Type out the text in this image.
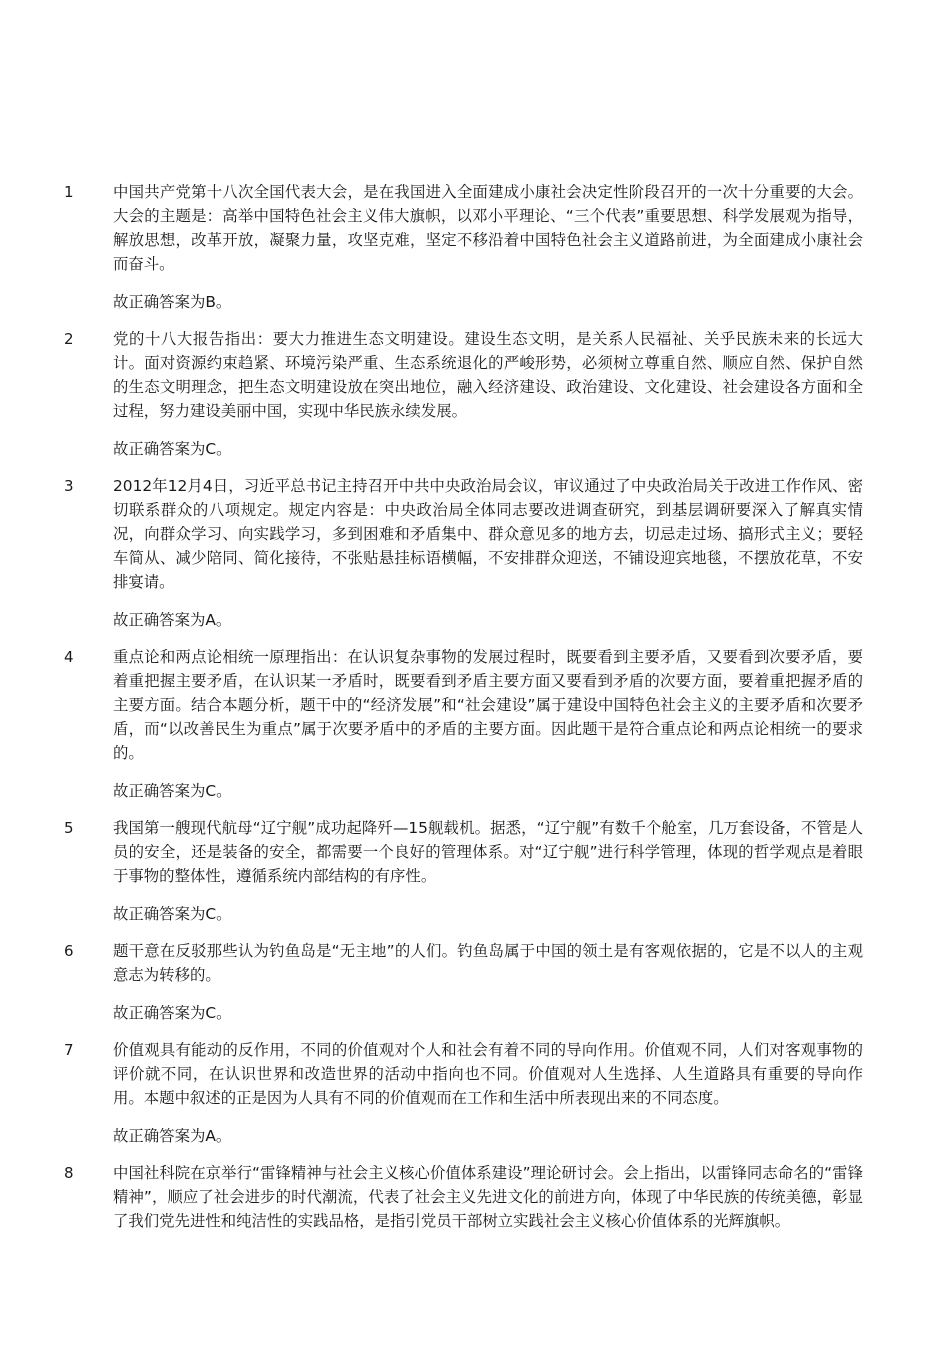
1	中国共产党第十八次全国代表大会，是在我国进入全面建成小康社会决定性阶段召开的一次十分重要的大会。大会的主题是：高举中国特色社会主义伟大旗帜，以邓小平理论、“三个代表”重要思想、科学发展观为指导，解放思想，改革开放，凝聚力量，攻坚克难，坚定不移沿着中国特色社会主义道路前进，为全面建成小康社会而奋斗。
故正确答案为B。
2	党的十八大报告指出：要大力推进生态文明建设。建设生态文明，是关系人民福祉、关乎民族未来的长远大计。面对资源约束趋紧、环境污染严重、生态系统退化的严峻形势，必须树立尊重自然、顺应自然、保护自然的生态文明理念，把生态文明建设放在突出地位，融入经济建设、政治建设、文化建设、社会建设各方面和全过程，努力建设美丽中国，实现中华民族永续发展。
故正确答案为C。
3	2012年12月4日，习近平总书记主持召开中共中央政治局会议，审议通过了中央政治局关于改进工作作风、密切联系群众的八项规定。规定内容是：中央政治局全体同志要改进调查研究，到基层调研要深入了解真实情况，向群众学习、向实践学习，多到困难和矛盾集中、群众意见多的地方去，切忌走过场、搞形式主义；要轻车简从、减少陪同、简化接待，不张贴悬挂标语横幅，不安排群众迎送，不铺设迎宾地毯，不摆放花草，不安排宴请。
故正确答案为A。
4	重点论和两点论相统一原理指出：在认识复杂事物的发展过程时，既要看到主要矛盾，又要看到次要矛盾，要着重把握主要矛盾，在认识某一矛盾时，既要看到矛盾主要方面又要看到矛盾的次要方面，要着重把握矛盾的主要方面。结合本题分析，题干中的“经济发展”和“社会建设”属于建设中国特色社会主义的主要矛盾和次要矛盾，而“以改善民生为重点”属于次要矛盾中的矛盾的主要方面。因此题干是符合重点论和两点论相统一的要求的。
故正确答案为C。
5	我国第一艘现代航母“辽宁舰”成功起降歼—15舰载机。据悉，“辽宁舰”有数千个舱室，几万套设备，不管是人员的安全，还是装备的安全，都需要一个良好的管理体系。对“辽宁舰”进行科学管理，体现的哲学观点是着眼于事物的整体性，遵循系统内部结构的有序性。
故正确答案为C。
6	题干意在反驳那些认为钓鱼岛是“无主地”的人们。钓鱼岛属于中国的领土是有客观依据的，它是不以人的主观意志为转移的。
故正确答案为C。
7	价值观具有能动的反作用，不同的价值观对个人和社会有着不同的导向作用。价值观不同，人们对客观事物的评价就不同，在认识世界和改造世界的活动中指向也不同。价值观对人生选择、人生道路具有重要的导向作用。本题中叙述的正是因为人具有不同的价值观而在工作和生活中所表现出来的不同态度。
故正确答案为A。
8	中国社科院在京举行“雷锋精神与社会主义核心价值体系建设”理论研讨会。会上指出，以雷锋同志命名的“雷锋精神”，顺应了社会进步的时代潮流，代表了社会主义先进文化的前进方向，体现了中华民族的传统美德，彰显了我们党先进性和纯洁性的实践品格，是指引党员干部树立实践社会主义核心价值体系的光辉旗帜。
